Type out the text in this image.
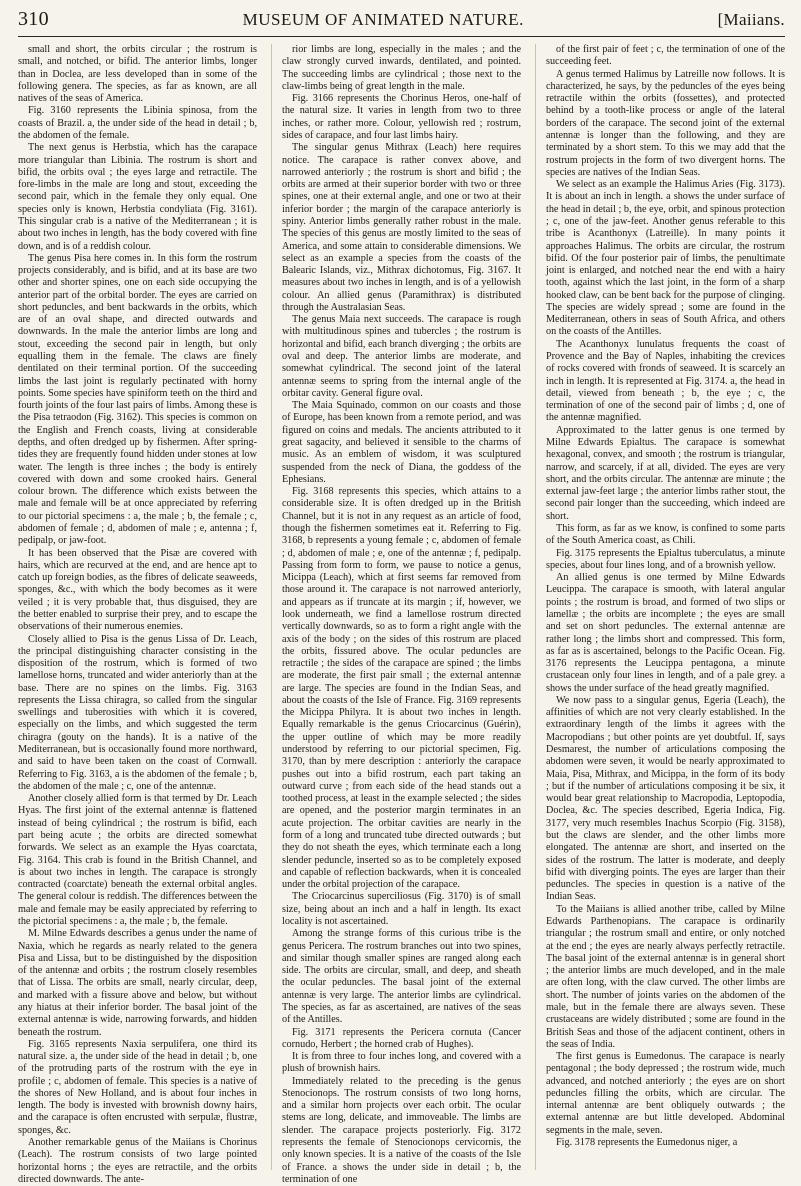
310	MUSEUM OF ANIMATED NATURE.	[Maiians.

small and short, the orbits circular ; the rostrum is small, and notched, or bifid. The anterior limbs, longer than in Doclea, are less developed than in some of the following genera. The species, as far as known, are all natives of the seas of America.

Fig. 3160 represents the Libinia spinosa, from the coasts of Brazil. a, the under side of the head in detail ; b, the abdomen of the female.

The next genus is Herbstia, which has the carapace more triangular than Libinia. The rostrum is short and bifid, the orbits oval ; the eyes large and retractile. The fore-limbs in the male are long and stout, exceeding the second pair, which in the female they only equal. One species only is known, Herbstia condyliata (Fig. 3161). This singular crab is a native of the Mediterranean ; it is about two inches in length, has the body covered with fine down, and is of a reddish colour.

The genus Pisa here comes in. In this form the rostrum projects considerably, and is bifid, and at its base are two other and shorter spines, one on each side occupying the anterior part of the orbital border. The eyes are carried on short peduncles, and bent backwards in the orbits, which are of an oval shape, and directed outwards and downwards. In the male the anterior limbs are long and stout, exceeding the second pair in length, but only equalling them in the female. The claws are finely dentilated on their terminal portion. Of the succeeding limbs the last joint is regularly pectinated with horny points. Some species have spiniform teeth on the third and fourth joints of the four last pairs of limbs. Among these is the Pisa tetraodon (Fig. 3162). This species is common on the English and French coasts, living at considerable depths, and often dredged up by fishermen. After spring-tides they are frequently found hidden under stones at low water. The length is three inches ; the body is entirely covered with down and some crooked hairs. General colour brown. The difference which exists between the male and female will be at once appreciated by referring to our pictorial specimens : a, the male ; b, the female ; c, abdomen of female ; d, abdomen of male ; e, antenna ; f, pedipalp, or jaw-foot.

It has been observed that the Pisæ are covered with hairs, which are recurved at the end, and are hence apt to catch up foreign bodies, as the fibres of delicate seaweeds, sponges, &c., with which the body becomes as it were veiled ; it is very probable that, thus disguised, they are the better enabled to surprise their prey, and to escape the observations of their numerous enemies.

Closely allied to Pisa is the genus Lissa of Dr. Leach, the principal distinguishing character consisting in the disposition of the rostrum, which is formed of two lamellose horns, truncated and wider anteriorly than at the base. There are no spines on the limbs. Fig. 3163 represents the Lissa chiragra, so called from the singular swellings and tuberosities with which it is covered, especially on the limbs, and which suggested the term chiragra (gouty on the hands). It is a native of the Mediterranean, but is occasionally found more northward, and said to have been taken on the coast of Cornwall. Referring to Fig. 3163, a is the abdomen of the female ; b, the abdomen of the male ; c, one of the antennæ.

Another closely allied form is that termed by Dr. Leach Hyas. The first joint of the external antennæ is flattened instead of being cylindrical ; the rostrum is bifid, each part being acute ; the orbits are directed somewhat forwards. We select as an example the Hyas coarctata, Fig. 3164. This crab is found in the British Channel, and is about two inches in length. The carapace is strongly contracted (coarctate) beneath the external orbital angles. The general colour is reddish. The differences between the male and female may be easily appreciated by referring to the pictorial specimens : a, the male ; b, the female.

M. Milne Edwards describes a genus under the name of Naxia, which he regards as nearly related to the genera Pisa and Lissa, but to be distinguished by the disposition of the antennæ and orbits ; the rostrum closely resembles that of Lissa. The orbits are small, nearly circular, deep, and marked with a fissure above and below, but without any hiatus at their inferior border. The basal joint of the external antennæ is wide, narrowing forwards, and hidden beneath the rostrum.

Fig. 3165 represents Naxia serpulifera, one third its natural size. a, the under side of the head in detail ; b, one of the protruding parts of the rostrum with the eye in profile ; c, abdomen of female. This species is a native of the shores of New Holland, and is about four inches in length. The body is invested with brownish downy hairs, and the carapace is often encrusted with serpulæ, flustræ, sponges, &c.

Another remarkable genus of the Maiians is Chorinus (Leach). The rostrum consists of two large pointed horizontal horns ; the eyes are retractile, and the orbits directed downwards. The ante-

rior limbs are long, especially in the males ; and the claw strongly curved inwards, dentilated, and pointed. The succeeding limbs are cylindrical ; those next to the claw-limbs being of great length in the male.

Fig. 3166 represents the Chorinus Heros, one-half of the natural size. It varies in length from two to three inches, or rather more. Colour, yellowish red ; rostrum, sides of carapace, and four last limbs hairy.

The singular genus Mithrax (Leach) here requires notice. The carapace is rather convex above, and narrowed anteriorly ; the rostrum is short and bifid ; the orbits are armed at their superior border with two or three spines, one at their external angle, and one or two at their inferior border ; the margin of the carapace anteriorly is spiny. Anterior limbs generally rather robust in the male. The species of this genus are mostly limited to the seas of America, and some attain to considerable dimensions. We select as an example a species from the coasts of the Balearic Islands, viz., Mithrax dichotomus, Fig. 3167. It measures about two inches in length, and is of a yellowish colour. An allied genus (Paramithrax) is distributed through the Australasian Seas.

The genus Maia next succeeds. The carapace is rough with multitudinous spines and tubercles ; the rostrum is horizontal and bifid, each branch diverging ; the orbits are oval and deep. The anterior limbs are moderate, and somewhat cylindrical. The second joint of the lateral antennæ seems to spring from the internal angle of the orbitar cavity. General figure oval.

The Maia Squinado, common on our coasts and those of Europe, has been known from a remote period, and was figured on coins and medals. The ancients attributed to it great sagacity, and believed it sensible to the charms of music. As an emblem of wisdom, it was sculptured suspended from the neck of Diana, the goddess of the Ephesians.

Fig. 3168 represents this species, which attains to a considerable size. It is often dredged up in the British Channel, but it is not in any request as an article of food, though the fishermen sometimes eat it. Referring to Fig. 3168, b represents a young female ; c, abdomen of female ; d, abdomen of male ; e, one of the antennæ ; f, pedipalp. Passing from form to form, we pause to notice a genus, Micippa (Leach), which at first seems far removed from those around it. The carapace is not narrowed anteriorly, and appears as if truncate at its margin ; if, however, we look underneath, we find a lamellose rostrum directed vertically downwards, so as to form a right angle with the axis of the body ; on the sides of this rostrum are placed the orbits, fissured above. The ocular peduncles are retractile ; the sides of the carapace are spined ; the limbs are moderate, the first pair small ; the external antennæ are large. The species are found in the Indian Seas, and about the coasts of the Isle of France. Fig. 3169 represents the Micippa Philyra. It is about two inches in length. Equally remarkable is the genus Criocarcinus (Guérin), the upper outline of which may be more readily understood by referring to our pictorial specimen, Fig. 3170, than by mere description : anteriorly the carapace pushes out into a bifid rostrum, each part taking an outward curve ; from each side of the head stands out a toothed process, at least in the example selected ; the sides are opened, and the posterior margin terminates in an acute projection. The orbitar cavities are nearly in the form of a long and truncated tube directed outwards ; but they do not sheath the eyes, which terminate each a long slender peduncle, inserted so as to be completely exposed and capable of reflection backwards, when it is concealed under the orbital projection of the carapace.

The Criocarcinus superciliosus (Fig. 3170) is of small size, being about an inch and a half in length. Its exact locality is not ascertained.

Among the strange forms of this curious tribe is the genus Pericera. The rostrum branches out into two spines, and similar though smaller spines are ranged along each side. The orbits are circular, small, and deep, and sheath the ocular peduncles. The basal joint of the external antennæ is very large. The anterior limbs are cylindrical. The species, as far as ascertained, are natives of the seas of the Antilles.

Fig. 3171 represents the Pericera cornuta (Cancer cornudo, Herbert ; the horned crab of Hughes).

It is from three to four inches long, and covered with a plush of brownish hairs.

Immediately related to the preceding is the genus Stenocionops. The rostrum consists of two long horns, and a similar horn projects over each orbit. The ocular stems are long, delicate, and immoveable. The limbs are slender. The carapace projects posteriorly. Fig. 3172 represents the female of Stenocionops cervicornis, the only known species. It is a native of the coasts of the Isle of France. a shows the under side in detail ; b, the termination of one

of the first pair of feet ; c, the termination of one of the succeeding feet.

A genus termed Halimus by Latreille now follows. It is characterized, he says, by the peduncles of the eyes being retractile within the orbits (fossettes), and protected behind by a tooth-like process or angle of the lateral borders of the carapace. The second joint of the external antennæ is longer than the following, and they are terminated by a short stem. To this we may add that the rostrum projects in the form of two divergent horns. The species are natives of the Indian Seas.

We select as an example the Halimus Aries (Fig. 3173). It is about an inch in length. a shows the under surface of the head in detail ; b, the eye, orbit, and spinous protection ; c, one of the jaw-feet. Another genus referable to this tribe is Acanthonyx (Latreille). In many points it approaches Halimus. The orbits are circular, the rostrum bifid. Of the four posterior pair of limbs, the penultimate joint is enlarged, and notched near the end with a hairy tooth, against which the last joint, in the form of a sharp hooked claw, can be bent back for the purpose of clinging. The species are widely spread ; some are found in the Mediterranean, others in seas of South Africa, and others on the coasts of the Antilles.

The Acanthonyx lunulatus frequents the coast of Provence and the Bay of Naples, inhabiting the crevices of rocks covered with fronds of seaweed. It is scarcely an inch in length. It is represented at Fig. 3174. a, the head in detail, viewed from beneath ; b, the eye ; c, the termination of one of the second pair of limbs ; d, one of the antennæ magnified.

Approximated to the latter genus is one termed by Milne Edwards Epialtus. The carapace is somewhat hexagonal, convex, and smooth ; the rostrum is triangular, narrow, and scarcely, if at all, divided. The eyes are very short, and the orbits circular. The antennæ are minute ; the external jaw-feet large ; the anterior limbs rather stout, the second pair longer than the succeeding, which indeed are short.

This form, as far as we know, is confined to some parts of the South America coast, as Chili.

Fig. 3175 represents the Epialtus tuberculatus, a minute species, about four lines long, and of a brownish yellow.

An allied genus is one termed by Milne Edwards Leucippa. The carapace is smooth, with lateral angular points ; the rostrum is broad, and formed of two slips or lamellæ ; the orbits are incomplete ; the eyes are small and set on short peduncles. The external antennæ are rather long ; the limbs short and compressed. This form, as far as is ascertained, belongs to the Pacific Ocean. Fig. 3176 represents the Leucippa pentagona, a minute crustacean only four lines in length, and of a pale grey. a shows the under surface of the head greatly magnified.

We now pass to a singular genus, Egeria (Leach), the affinities of which are not very clearly established. In the extraordinary length of the limbs it agrees with the Macropodians ; but other points are yet doubtful. If, says Desmarest, the number of articulations composing the abdomen were seven, it would be nearly approximated to Maia, Pisa, Mithrax, and Micippa, in the form of its body ; but if the number of articulations composing it be six, it would bear great relationship to Macropodia, Leptopodia, Doclea, &c. The species described, Egeria Indica, Fig. 3177, very much resembles Inachus Scorpio (Fig. 3158), but the claws are slender, and the other limbs more elongated. The antennæ are short, and inserted on the sides of the rostrum. The latter is moderate, and deeply bifid with diverging points. The eyes are larger than their peduncles. The species in question is a native of the Indian Seas.

To the Maiians is allied another tribe, called by Milne Edwards Parthenopians. The carapace is ordinarily triangular ; the rostrum small and entire, or only notched at the end ; the eyes are nearly always perfectly retractile. The basal joint of the external antennæ is in general short ; the anterior limbs are much developed, and in the male are often long, with the claw curved. The other limbs are short. The number of joints varies on the abdomen of the male, but in the female there are always seven. These crustaceans are widely distributed ; some are found in the British Seas and those of the adjacent continent, others in the seas of India.

The first genus is Eumedonus. The carapace is nearly pentagonal ; the body depressed ; the rostrum wide, much advanced, and notched anteriorly ; the eyes are on short peduncles filling the orbits, which are circular. The internal antennæ are bent obliquely outwards ; the external antennæ are but little developed. Abdominal segments in the male, seven.

Fig. 3178 represents the Eumedonus niger, a
